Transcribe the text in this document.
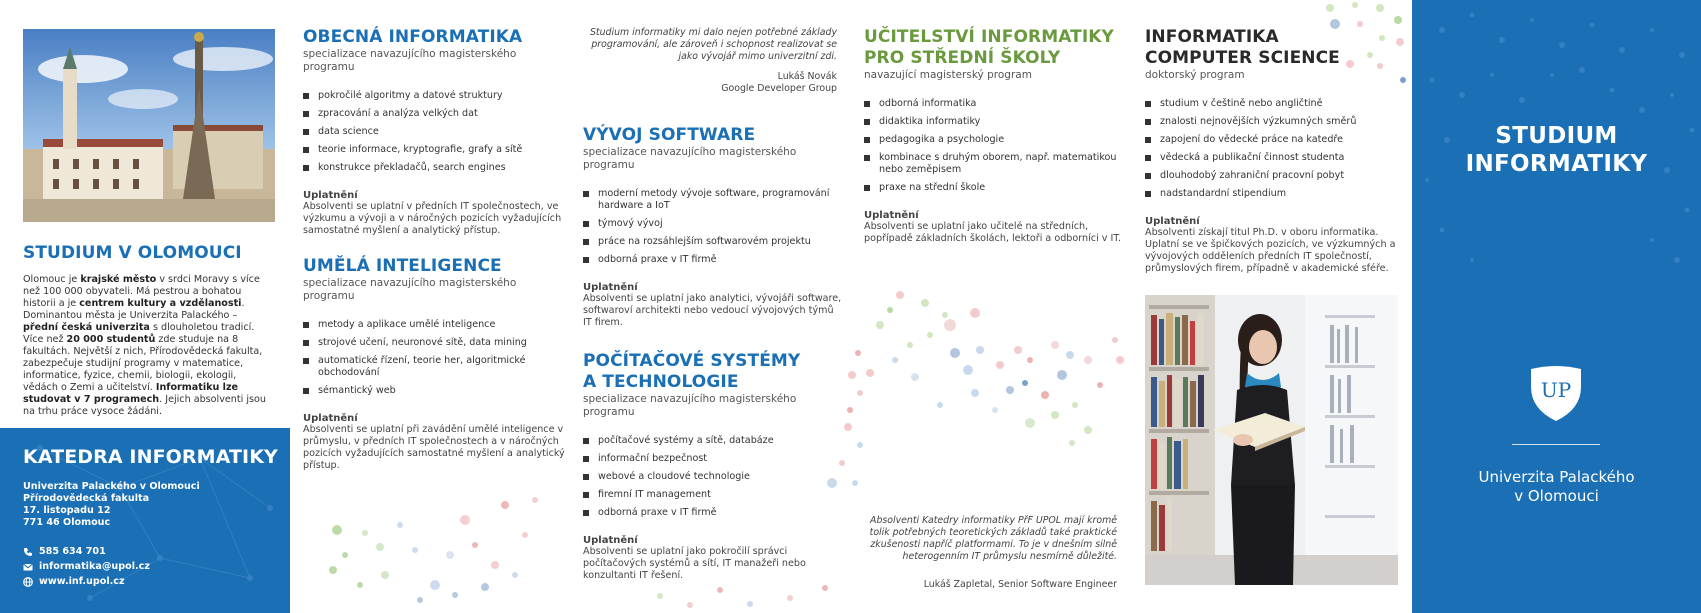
STUDIUM V OLOMOUCI

Olomouc je krajské město v srdci Moravy s více než 100 000 obyvateli. Má pestrou a bohatou historii a je centrem kultury a vzdělanosti. Dominantou města je Univerzita Palackého – přední česká univerzita s dlouholetou tradicí. Více než 20 000 studentů zde studuje na 8 fakultách. Největší z nich, Přírodovědecká fakulta, zabezpečuje studijní programy v matematice, informatice, fyzice, chemii, biologii, ekologii, vědách o Zemi a učitelství. Informatiku lze studovat v 7 programech. Jejich absolventi jsou na trhu práce vysoce žádáni.

KATEDRA INFORMATIKY
Univerzita Palackého v Olomouci
Přírodovědecká fakulta
17. listopadu 12
771 46 Olomouc
585 634 701
informatika@upol.cz
www.inf.upol.cz
OBECNÁ INFORMATIKA
specializace navazujícího magisterského programu
pokročilé algoritmy a datové struktury
zpracování a analýza velkých dat
data science
teorie informace, kryptografie, grafy a sítě
konstrukce překladačů, search engines
Uplatnění
Absolventi se uplatní v předních IT společnostech, ve výzkumu a vývoji a v náročných pozicích vyžadujících samostatné myšlení a analytický přístup.
UMĚLÁ INTELIGENCE
specializace navazujícího magisterského programu
metody a aplikace umělé inteligence
strojové učení, neuronové sítě, data mining
automatické řízení, teorie her, algoritmické obchodování
sémantický web
Uplatnění
Absolventi se uplatní při zavádění umělé inteligence v průmyslu, v předních IT společnostech a v náročných pozicích vyžadujících samostatné myšlení a analytický přístup.
Studium informatiky mi dalo nejen potřebné základy programování, ale zároveň i schopnost realizovat se jako vývojář mimo univerzitní zdi.
Lukáš Novák
Google Developer Group
VÝVOJ SOFTWARE
specializace navazujícího magisterského programu
moderní metody vývoje software, programování hardware a IoT
týmový vývoj
práce na rozsáhlejším softwarovém projektu
odborná praxe v IT firmě
Uplatnění
Absolventi se uplatní jako analytici, vývojáři software, softwaroví architekti nebo vedoucí vývojových týmů IT firem.
POČÍTAČOVÉ SYSTÉMY
A TECHNOLOGIE
specializace navazujícího magisterského programu
počítačové systémy a sítě, databáze
informační bezpečnost
webové a cloudové technologie
firemní IT management
odborná praxe v IT firmě
Uplatnění
Absolventi se uplatní jako pokročilí správci počítačových systémů a sítí, IT manažeři nebo konzultanti IT řešení.
UČITELSTVÍ INFORMATIKY
PRO STŘEDNÍ ŠKOLY
navazující magisterský program
odborná informatika
didaktika informatiky
pedagogika a psychologie
kombinace s druhým oborem, např. matematikou nebo zeměpisem
praxe na střední škole
Uplatnění
Absolventi se uplatní jako učitelé na středních, popřípadě základních školách, lektoři a odborníci v IT.
Absolventi Katedry informatiky PřF UPOL mají kromě tolik potřebných teoretických základů také praktické zkušenosti napříč platformami. To je v dnešním silně heterogenním IT průmyslu nesmírně důležité.
Lukáš Zapletal, Senior Software Engineer
INFORMATIKA
COMPUTER SCIENCE
doktorský program
studium v češtině nebo angličtině
znalosti nejnovějších výzkumných směrů
zapojení do vědecké práce na katedře
vědecká a publikační činnost studenta
dlouhodobý zahraniční pracovní pobyt
nadstandardní stipendium
Uplatnění
Absolventi získají titul Ph.D. v oboru informatika. Uplatní se ve špičkových pozicích, ve výzkumných a vývojových odděleních předních IT společností, průmyslových firem, případně v akademické sféře.
STUDIUM
INFORMATIKY
UP
Univerzita Palackého
v Olomouci
